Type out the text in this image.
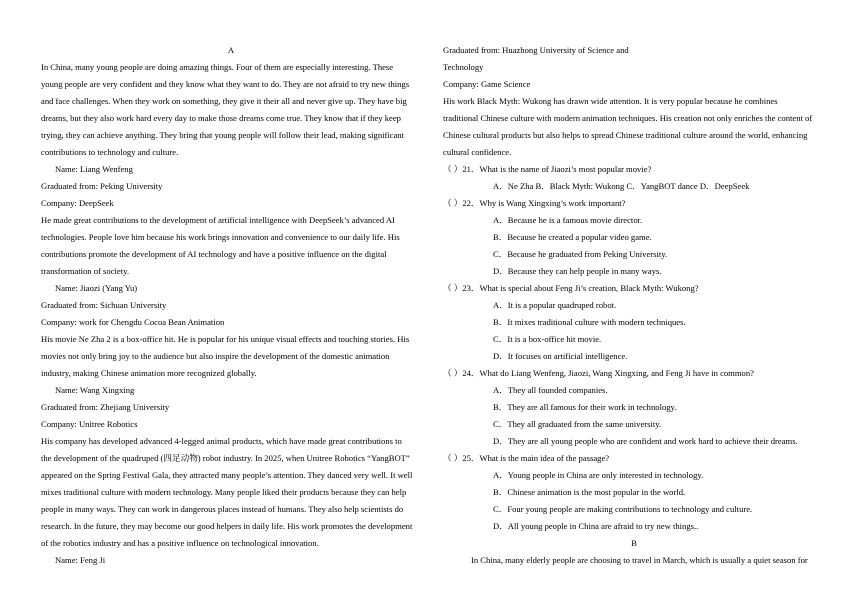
A
In China, many young people are doing amazing things. Four of them are especially interesting. These
young people are very confident and they know what they want to do. They are not afraid to try new things
and face challenges. When they work on something, they give it their all and never give up. They have big
dreams, but they also work hard every day to make those dreams come true. They know that if they keep
trying, they can achieve anything. They bring that young people will follow their lead, making significant
contributions to technology and culture.
Name: Liang Wenfeng
Graduated from: Peking University
Company: DeepSeek
He made great contributions to the development of artificial intelligence with DeepSeek’s advanced AI
technologies. People love him because his work brings innovation and convenience to our daily life. His
contributions promote the development of AI technology and have a positive influence on the digital
transformation of society.
Name: Jiaozi (Yang Yu)
Graduated from: Sichuan University
Company: work for Chengdu Cocoa Bean Animation
His movie Ne Zha 2 is a box-office hit. He is popular for his unique visual effects and touching stories. His
movies not only bring joy to the audience but also inspire the development of the domestic animation
industry, making Chinese animation more recognized globally.
Name: Wang Xingxing
Graduated from: Zhejiang University
Company: Unitree Robotics
His company has developed advanced 4-legged animal products, which have made great contributions to
the development of the quadruped (四足动物) robot industry. In 2025, when Unitree Robotics “YangBOT”
appeared on the Spring Festival Gala, they attracted many people’s attention. They danced very well. It well
mixes traditional culture with modern technology. Many people liked their products because they can help
people in many ways. They can work in dangerous places instead of humans. They also help scientists do
research. In the future, they may become our good helpers in daily life. His work promotes the development
of the robotics industry and has a positive influence on technological innovation.
Name: Feng Ji
Graduated from: Huazhong University of Science and
Technology
Company: Game Science
His work Black Myth: Wukong has drawn wide attention. It is very popular because he combines
traditional Chinese culture with modern animation techniques. His creation not only enriches the content of
Chinese cultural products but also helps to spread Chinese traditional culture around the world, enhancing
cultural confidence.
（ ）21．What is the name of Jiaozi’s most popular movie?
A．Ne Zha B．Black Myth: Wukong C．YangBOT dance D．DeepSeek
（ ）22．Why is Wang Xingxing’s work important?
A．Because he is a famous movie director.
B．Because he created a popular video game.
C．Because he graduated from Peking University.
D．Because they can help people in many ways.
（ ）23．What is special about Feng Ji’s creation, Black Myth: Wukong?
A．It is a popular quadruped robot.
B．It mixes traditional culture with modern techniques.
C．It is a box-office hit movie.
D．It focuses on artificial intelligence.
（ ）24．What do Liang Wenfeng, Jiaozi, Wang Xingxing, and Feng Ji have in common?
A．They all founded companies.
B．They are all famous for their work in technology.
C．They all graduated from the same university.
D．They are all young people who are confident and work hard to achieve their dreams.
（ ）25．What is the main idea of the passage?
A．Young people in China are only interested in technology.
B．Chinese animation is the most popular in the world.
C．Four young people are making contributions to technology and culture.
D．All young people in China are afraid to try new things..
B
In China, many elderly people are choosing to travel in March, which is usually a quiet season for
